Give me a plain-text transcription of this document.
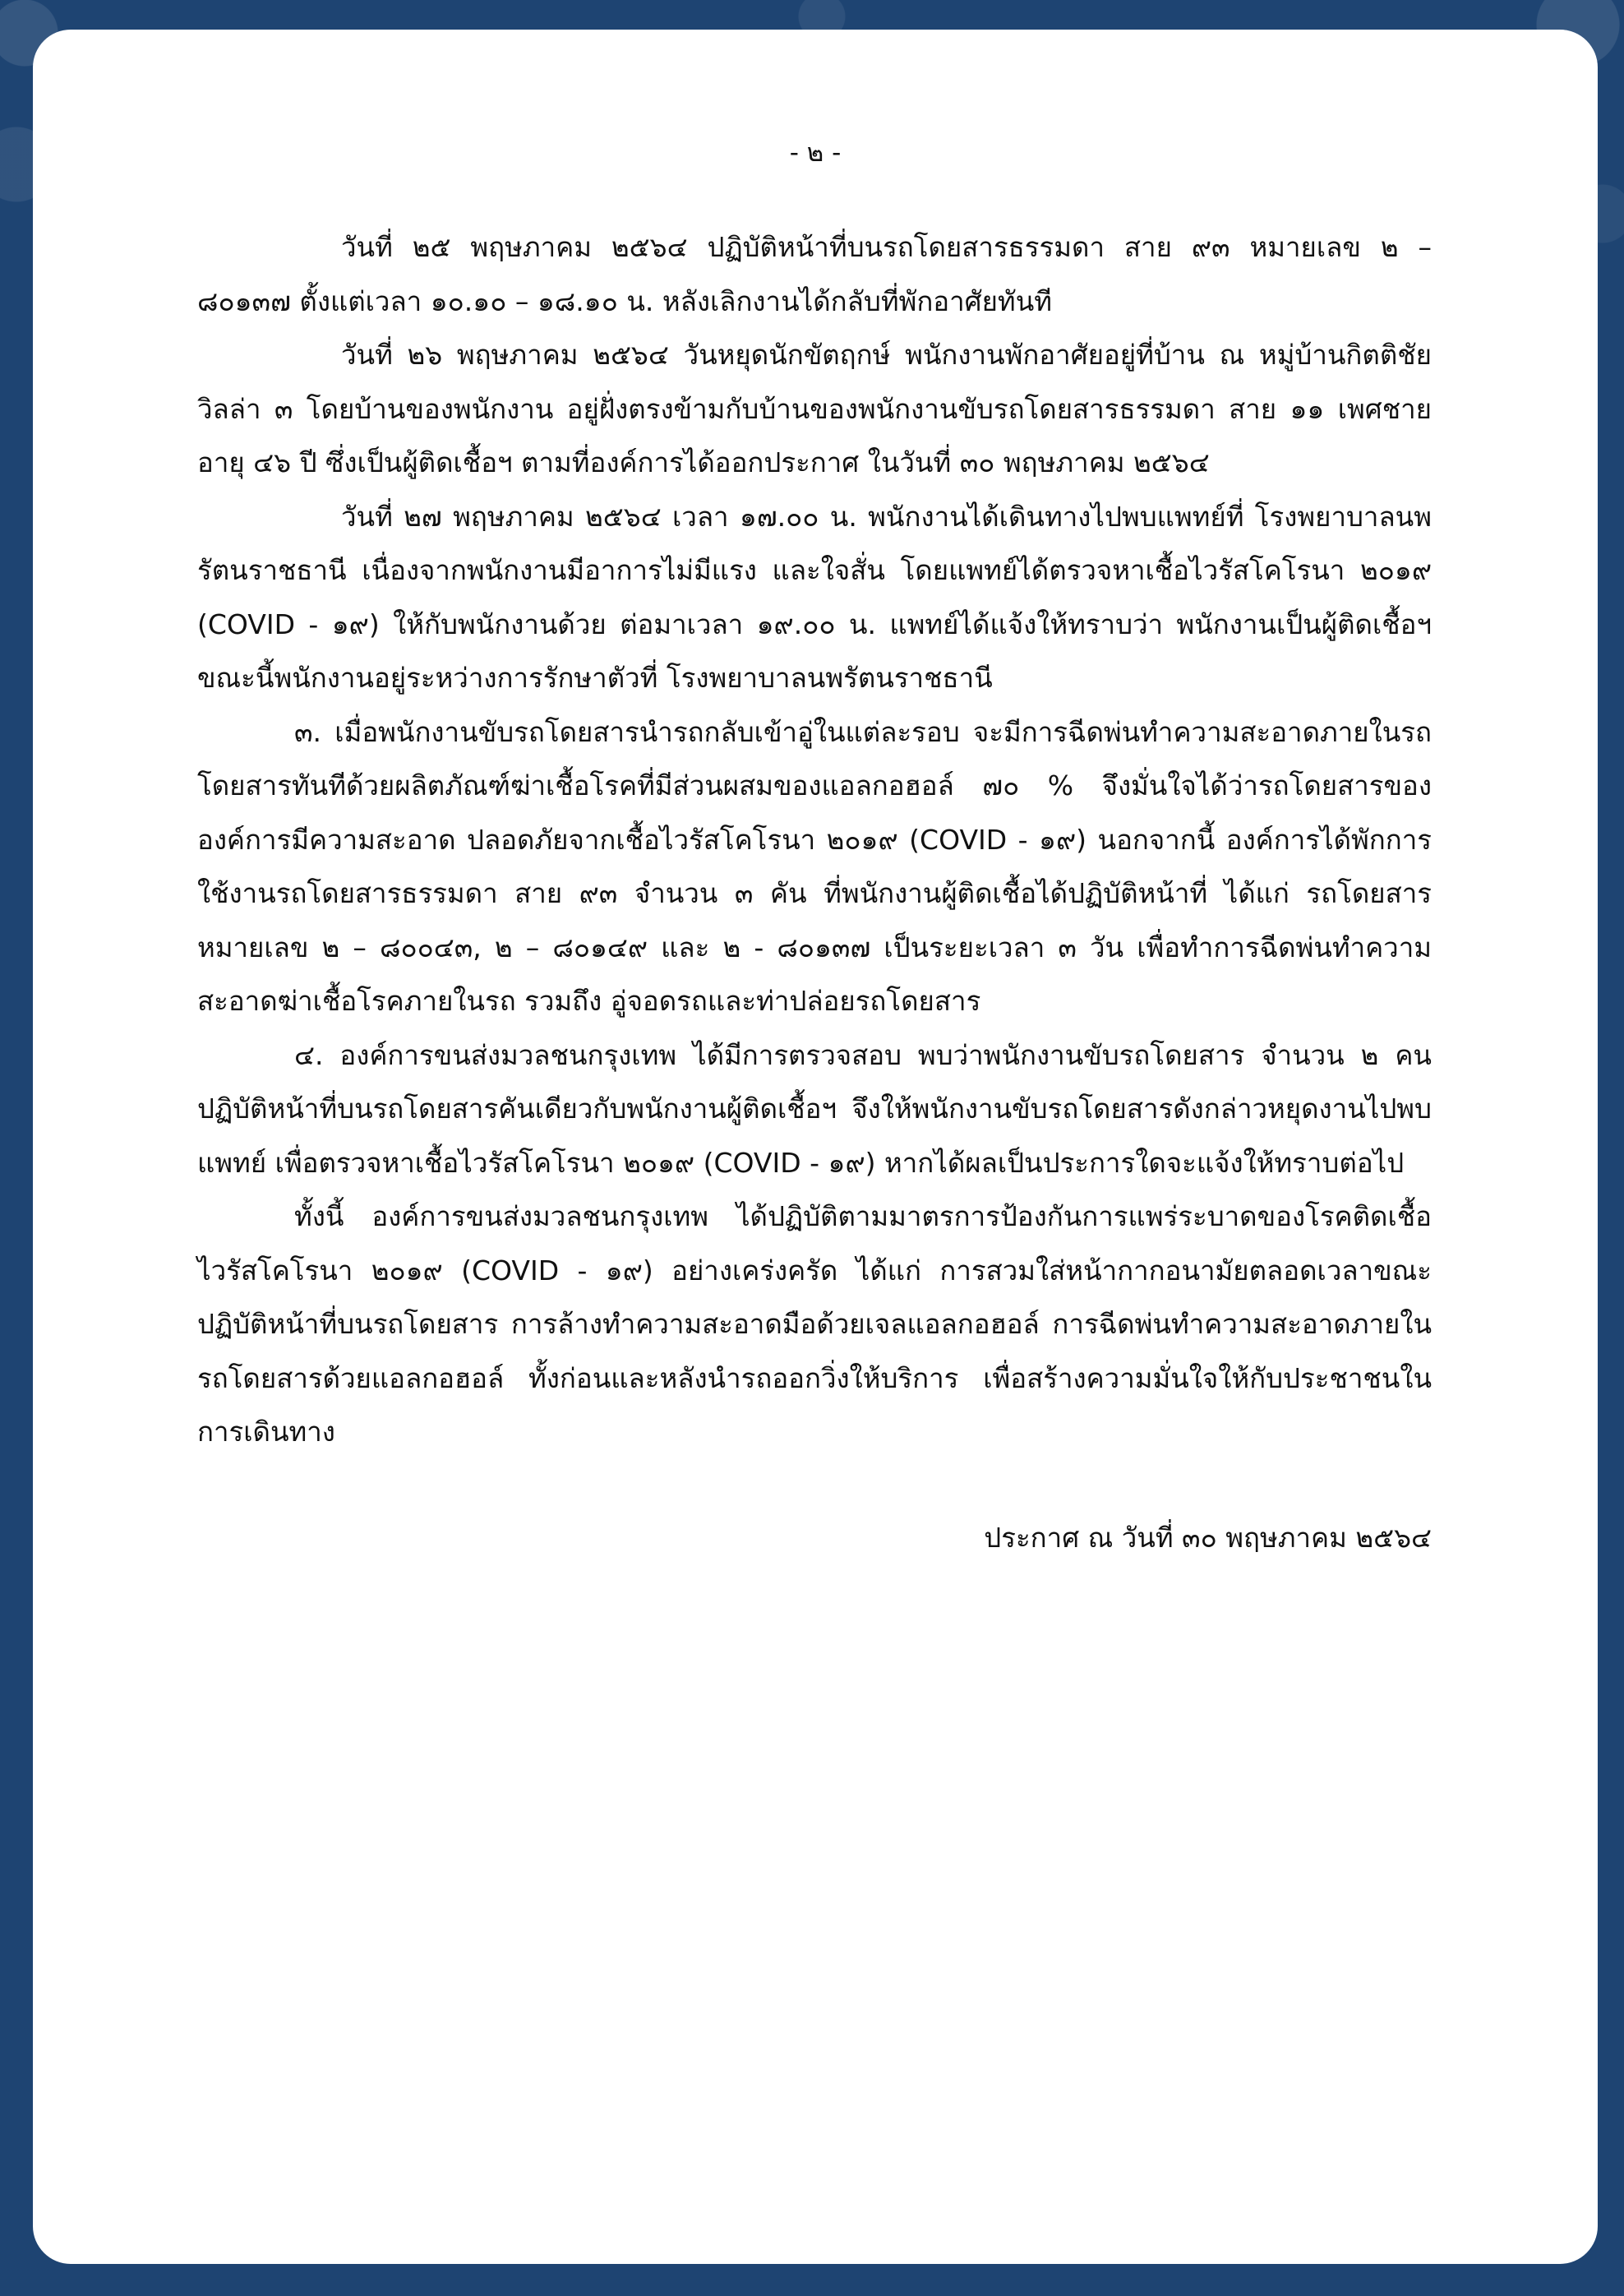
- ๒ -

วันที่ ๒๕ พฤษภาคม ๒๕๖๔ ปฏิบัติหน้าที่บนรถโดยสารธรรมดา สาย ๙๓ หมายเลข ๒ – ๘๐๑๓๗ ตั้งแต่เวลา ๑๐.๑๐ – ๑๘.๑๐ น. หลังเลิกงานได้กลับที่พักอาศัยทันที

วันที่ ๒๖ พฤษภาคม ๒๕๖๔ วันหยุดนักขัตฤกษ์ พนักงานพักอาศัยอยู่ที่บ้าน ณ หมู่บ้านกิตติชัย วิลล่า ๓ โดยบ้านของพนักงาน อยู่ฝั่งตรงข้ามกับบ้านของพนักงานขับรถโดยสารธรรมดา สาย ๑๑ เพศชาย อายุ ๔๖ ปี ซึ่งเป็นผู้ติดเชื้อฯ ตามที่องค์การได้ออกประกาศ ในวันที่ ๓๐ พฤษภาคม ๒๕๖๔

วันที่ ๒๗ พฤษภาคม ๒๕๖๔ เวลา ๑๗.๐๐ น. พนักงานได้เดินทางไปพบแพทย์ที่ โรงพยาบาลนพรัตนราชธานี เนื่องจากพนักงานมีอาการไม่มีแรง และใจสั่น โดยแพทย์ได้ตรวจหาเชื้อไวรัสโคโรนา ๒๐๑๙ (COVID - ๑๙) ให้กับพนักงานด้วย ต่อมาเวลา ๑๙.๐๐ น. แพทย์ได้แจ้งให้ทราบว่า พนักงานเป็นผู้ติดเชื้อฯ ขณะนี้พนักงานอยู่ระหว่างการรักษาตัวที่ โรงพยาบาลนพรัตนราชธานี

๓. เมื่อพนักงานขับรถโดยสารนำรถกลับเข้าอู่ในแต่ละรอบ จะมีการฉีดพ่นทำความสะอาดภายในรถโดยสารทันทีด้วยผลิตภัณฑ์ฆ่าเชื้อโรคที่มีส่วนผสมของแอลกอฮอล์ ๗๐ % จึงมั่นใจได้ว่ารถโดยสารขององค์การมีความสะอาด ปลอดภัยจากเชื้อไวรัสโคโรนา ๒๐๑๙ (COVID - ๑๙) นอกจากนี้ องค์การได้พักการใช้งานรถโดยสารธรรมดา สาย ๙๓ จำนวน ๓ คัน ที่พนักงานผู้ติดเชื้อได้ปฏิบัติหน้าที่ ได้แก่ รถโดยสาร หมายเลข ๒ – ๘๐๐๔๓, ๒ – ๘๐๑๔๙ และ ๒ - ๘๐๑๓๗ เป็นระยะเวลา ๓ วัน เพื่อทำการฉีดพ่นทำความสะอาดฆ่าเชื้อโรคภายในรถ รวมถึง อู่จอดรถและท่าปล่อยรถโดยสาร

๔. องค์การขนส่งมวลชนกรุงเทพ ได้มีการตรวจสอบ พบว่าพนักงานขับรถโดยสาร จำนวน ๒ คน ปฏิบัติหน้าที่บนรถโดยสารคันเดียวกับพนักงานผู้ติดเชื้อฯ จึงให้พนักงานขับรถโดยสารดังกล่าวหยุดงานไปพบแพทย์ เพื่อตรวจหาเชื้อไวรัสโคโรนา ๒๐๑๙ (COVID - ๑๙) หากได้ผลเป็นประการใดจะแจ้งให้ทราบต่อไป

ทั้งนี้ องค์การขนส่งมวลชนกรุงเทพ ได้ปฏิบัติตามมาตรการป้องกันการแพร่ระบาดของโรคติดเชื้อไวรัสโคโรนา ๒๐๑๙ (COVID - ๑๙) อย่างเคร่งครัด ได้แก่ การสวมใส่หน้ากากอนามัยตลอดเวลาขณะปฏิบัติหน้าที่บนรถโดยสาร การล้างทำความสะอาดมือด้วยเจลแอลกอฮอล์ การฉีดพ่นทำความสะอาดภายในรถโดยสารด้วยแอลกอฮอล์ ทั้งก่อนและหลังนำรถออกวิ่งให้บริการ เพื่อสร้างความมั่นใจให้กับประชาชนในการเดินทาง

ประกาศ ณ วันที่ ๓๐ พฤษภาคม ๒๕๖๔
